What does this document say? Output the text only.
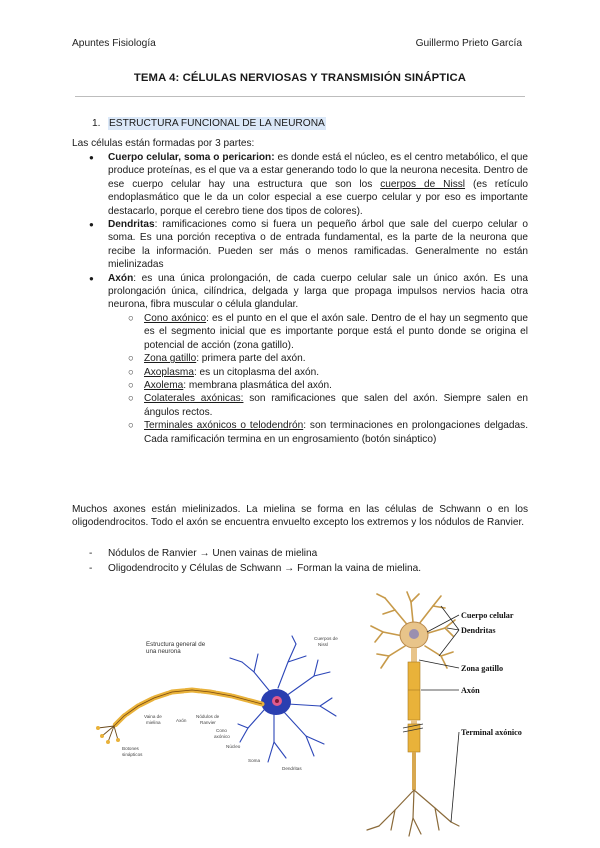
Apuntes Fisiología	Guillermo Prieto García
TEMA 4: CÉLULAS NERVIOSAS Y TRANSMISIÓN SINÁPTICA
1. ESTRUCTURA FUNCIONAL DE LA NEURONA

Las células están formadas por 3 partes:

● Cuerpo celular, soma o pericarion: es donde está el núcleo, es el centro metabólico, el que produce proteínas, es el que va a estar generando todo lo que la neurona necesita. Dentro de ese cuerpo celular hay una estructura que son los cuerpos de Nissl (es retículo endoplasmático que le da un color especial a ese cuerpo celular y por eso es importante destacarlo, porque el cerebro tiene dos tipos de colores).
● Dendritas: ramificaciones como si fuera un pequeño árbol que sale del cuerpo celular o soma. Es una porción receptiva o de entrada fundamental, es la parte de la neurona que recibe la información. Pueden ser más o menos ramificadas. Generalmente no están mielinizadas
● Axón: es una única prolongación, de cada cuerpo celular sale un único axón. Es una prolongación única, cilíndrica, delgada y larga que propaga impulsos nervios hacia otra neurona, fibra muscular o célula glandular.
○ Cono axónico: es el punto en el que el axón sale. Dentro de el hay un segmento que es el segmento inicial que es importante porque está el punto donde se origina el potencial de acción (zona gatillo).
○ Zona gatillo: primera parte del axón.
○ Axoplasma: es un citoplasma del axón.
○ Axolema: membrana plasmática del axón.
○ Colaterales axónicas: son ramificaciones que salen del axón. Siempre salen en ángulos rectos.
○ Terminales axónicos o telodendrón: son terminaciones en prolongaciones delgadas. Cada ramificación termina en un engrosamiento (botón sináptico)

Muchos axones están mielinizados. La mielina se forma en las células de Schwann o en los oligodendrocitos. Todo el axón se encuentra envuelto excepto los extremos y los nódulos de Ranvier.

- Nódulos de Ranvier → Unen vainas de mielina
- Oligodendrocito y Células de Schwann → Forman la vaina de mielina.
Estructura general de
una neurona
Cuerpos de
Nissl
Vaina de
mielina	Axón
Nódulos de
Ranvier
Cono
axónico
Núcleo
Botones
sinápticos
Soma
Dendritas
Cuerpo celular
Dendritas
Zona gatillo
Axón
Terminal axónico
